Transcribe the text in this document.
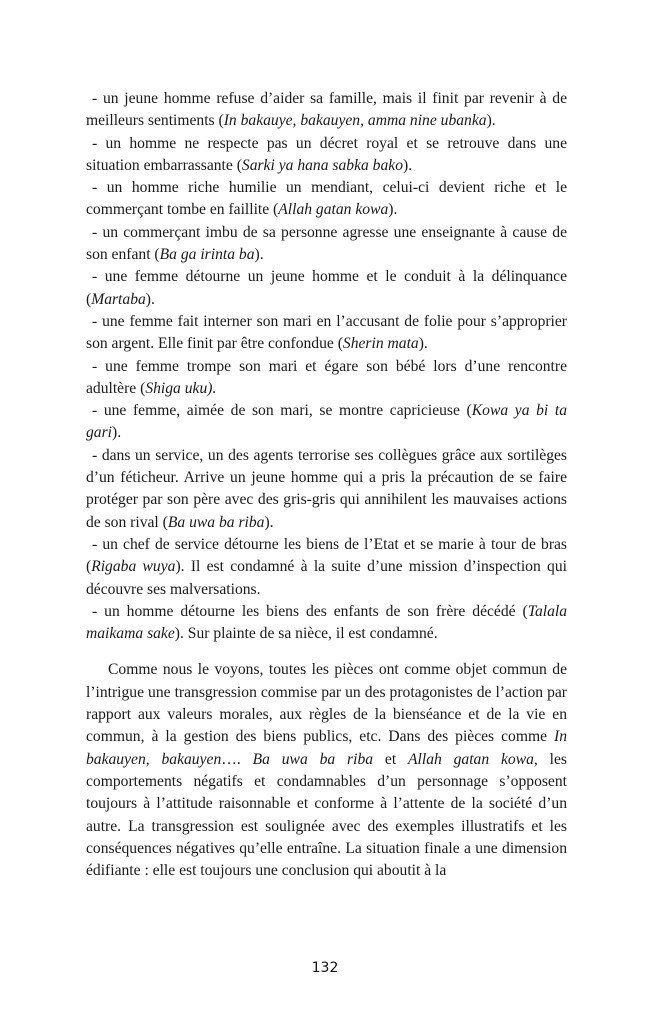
- un jeune homme refuse d’aider sa famille, mais il finit par revenir à de meilleurs sentiments (In bakauye, bakauyen, amma nine ubanka).
- un homme ne respecte pas un décret royal et se retrouve dans une situation embarrassante (Sarki ya hana sabka bako).
- un homme riche humilie un mendiant, celui-ci devient riche et le commerçant tombe en faillite (Allah gatan kowa).
- un commerçant imbu de sa personne agresse une enseignante à cause de son enfant (Ba ga irinta ba).
- une femme détourne un jeune homme et le conduit à la délinquance (Martaba).
- une femme fait interner son mari en l’accusant de folie pour s’approprier son argent. Elle finit par être confondue (Sherin mata).
- une femme trompe son mari et égare son bébé lors d’une rencontre adultère (Shiga uku).
- une femme, aimée de son mari, se montre capricieuse (Kowa ya bi ta gari).
- dans un service, un des agents terrorise ses collègues grâce aux sortilèges d’un féticheur. Arrive un jeune homme qui a pris la précaution de se faire protéger par son père avec des gris-gris qui annihilent les mauvaises actions de son rival (Ba uwa ba riba).
- un chef de service détourne les biens de l’Etat et se marie à tour de bras (Rigaba wuya). Il est condamné à la suite d’une mission d’inspection qui découvre ses malversations.
- un homme détourne les biens des enfants de son frère décédé (Talala maikama sake). Sur plainte de sa nièce, il est condamné.

Comme nous le voyons, toutes les pièces ont comme objet commun de l’intrigue une transgression commise par un des protagonistes de l’action par rapport aux valeurs morales, aux règles de la bienséance et de la vie en commun, à la gestion des biens publics, etc. Dans des pièces comme In bakauyen, bakauyen…. Ba uwa ba riba et Allah gatan kowa, les comportements négatifs et condamnables d’un personnage s’opposent toujours à l’attitude raisonnable et conforme à l’attente de la société d’un autre. La transgression est soulignée avec des exemples illustratifs et les conséquences négatives qu’elle entraîne. La situation finale a une dimension édifiante : elle est toujours une conclusion qui aboutit à la

132
